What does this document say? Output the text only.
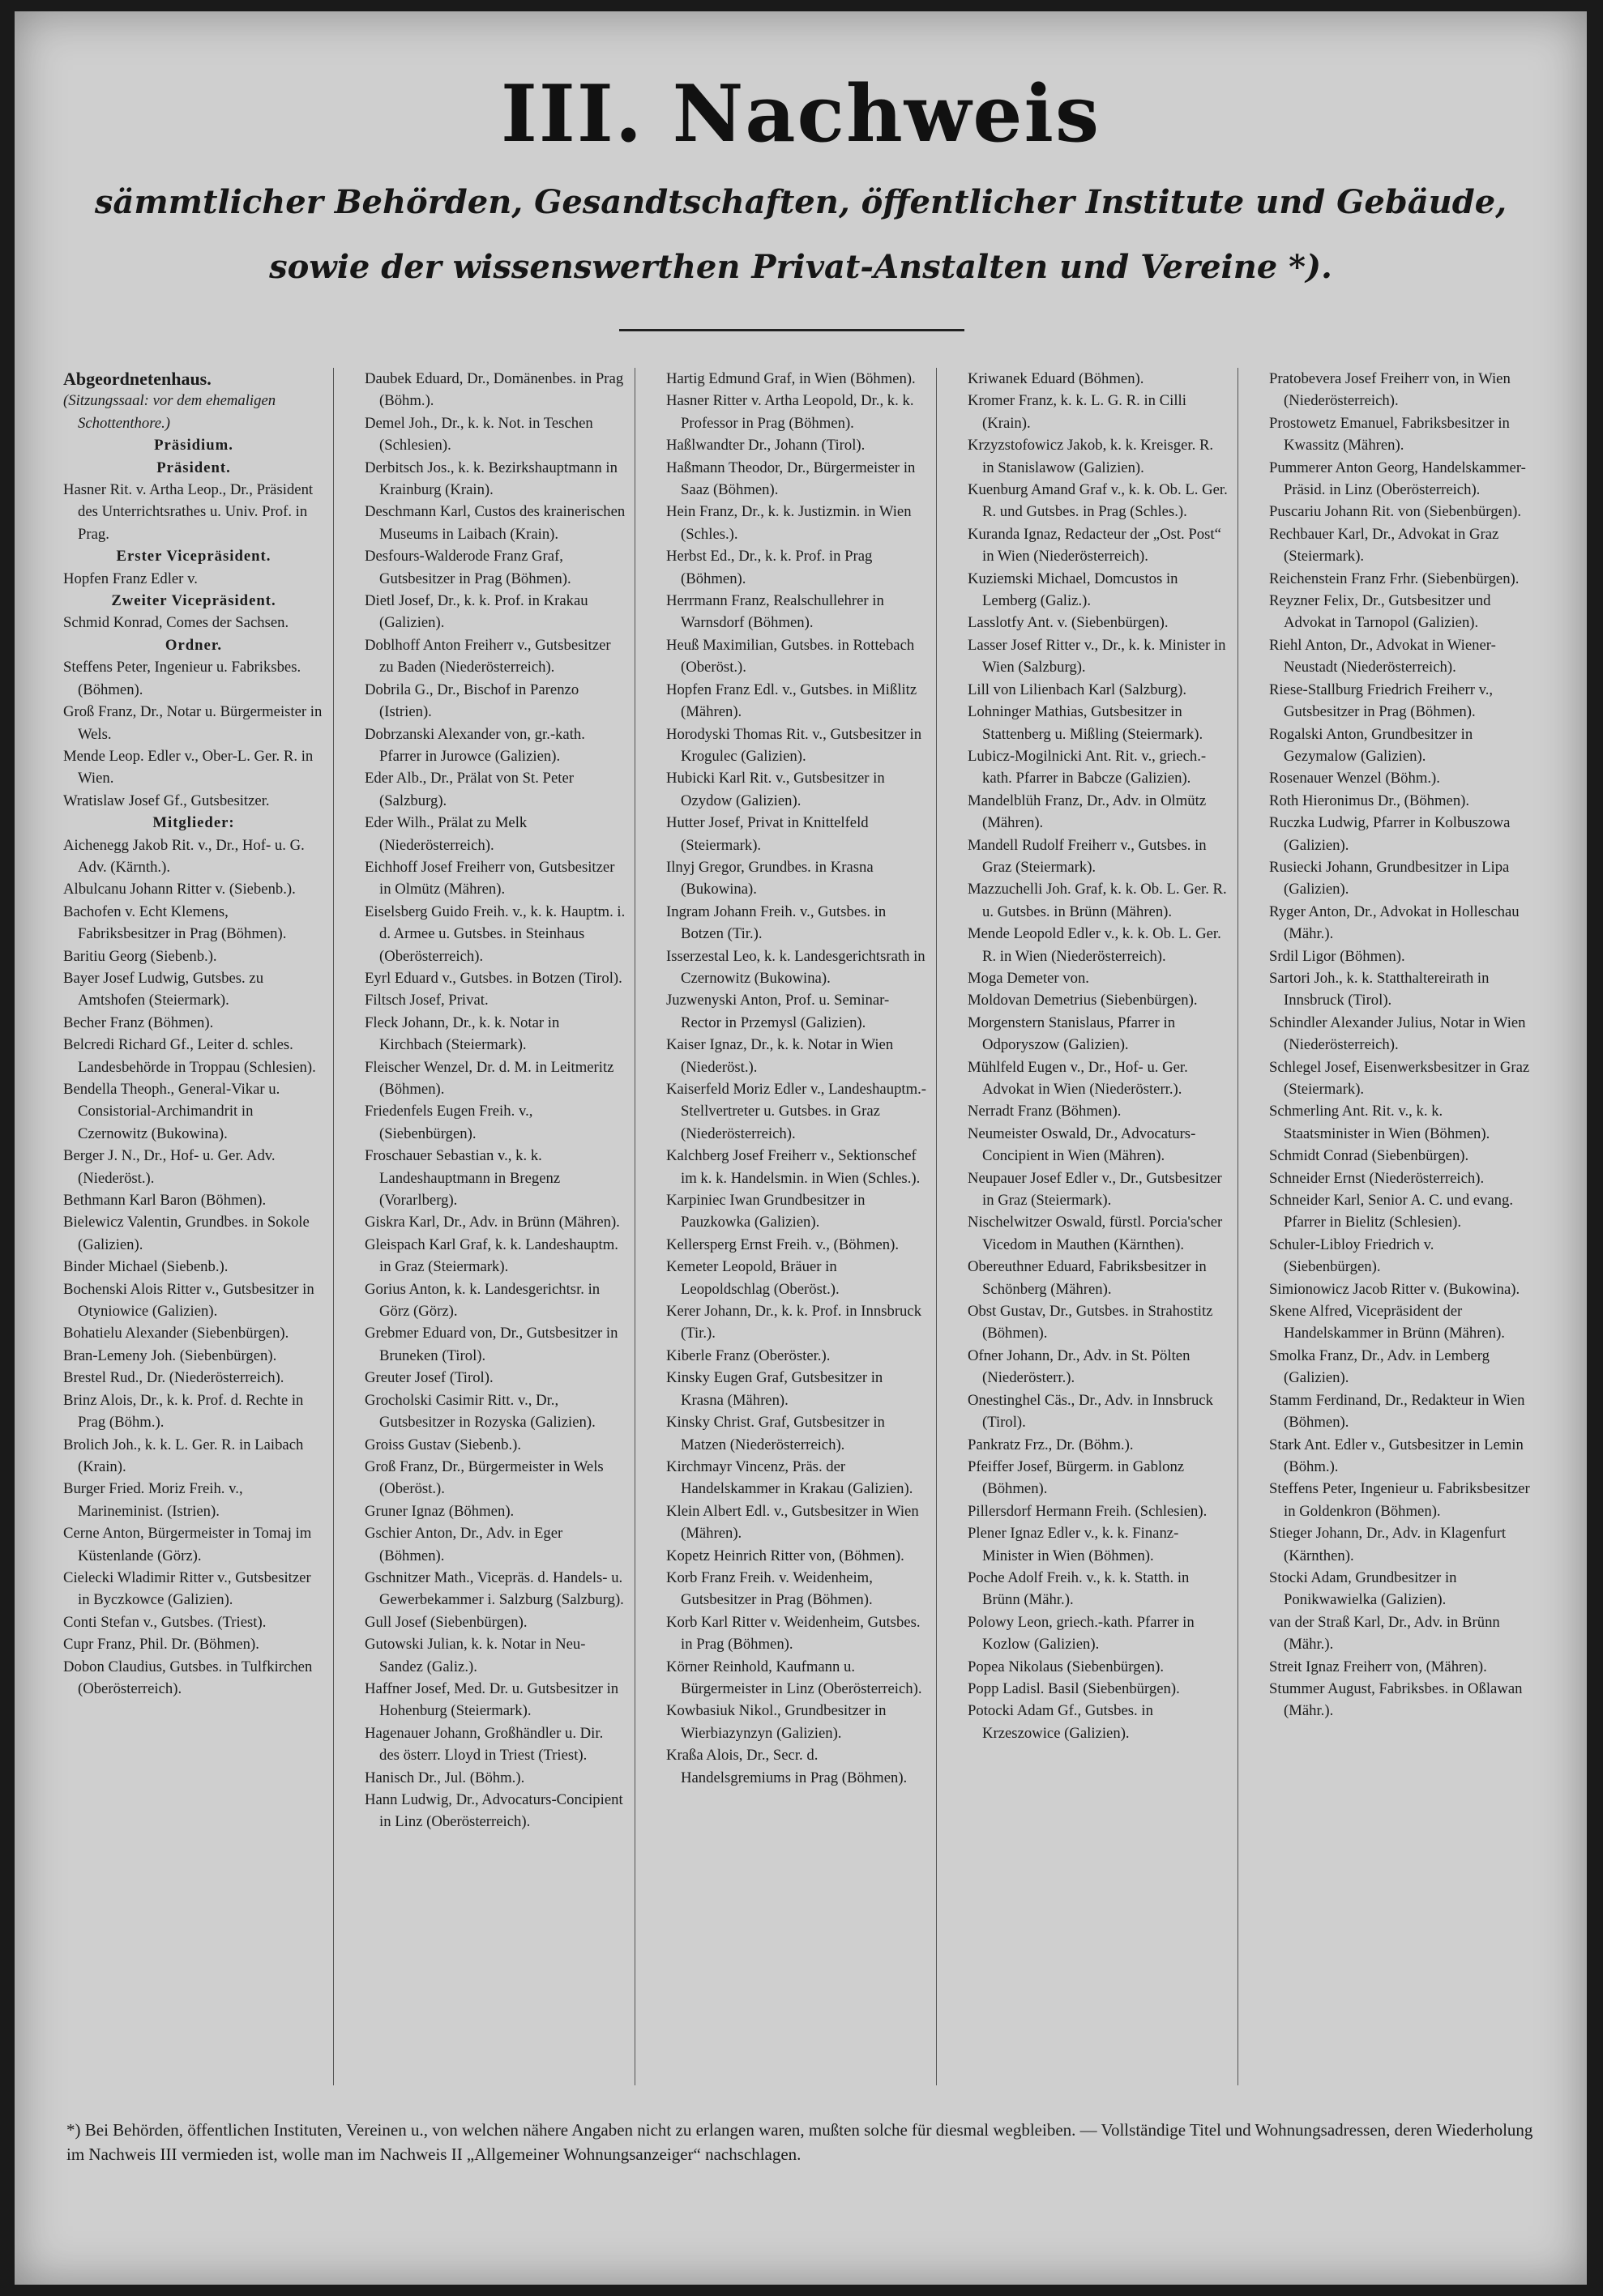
III. Nachweis
sämmtlicher Behörden, Gesandtschaften, öffentlicher Institute und Gebäude,
sowie der wissenswerthen Privat-Anstalten und Vereine *).

Abgeordnetenhaus.

(Sitzungssaal: vor dem ehemaligen Schottenthore.)

Präsidium.

Präsident.

Hasner Rit. v. Artha Leop., Dr., Präsident des Unterrichtsrathes u. Univ. Prof. in Prag.

Erster Vicepräsident.

Hopfen Franz Edler v.

Zweiter Vicepräsident.

Schmid Konrad, Comes der Sachsen.

Ordner.

Steffens Peter, Ingenieur u. Fabriksbes. (Böhmen).

Groß Franz, Dr., Notar u. Bürgermeister in Wels.

Mende Leop. Edler v., Ober-L. Ger. R. in Wien.

Wratislaw Josef Gf., Gutsbesitzer.

Mitglieder:

Aichenegg Jakob Rit. v., Dr., Hof- u. G. Adv. (Kärnth.).

Albulcanu Johann Ritter v. (Siebenb.).

Bachofen v. Echt Klemens, Fabriksbesitzer in Prag (Böhmen).

Baritiu Georg (Siebenb.).

Bayer Josef Ludwig, Gutsbes. zu Amtshofen (Steiermark).

Becher Franz (Böhmen).

Belcredi Richard Gf., Leiter d. schles. Landesbehörde in Troppau (Schlesien).

Bendella Theoph., General-Vikar u. Consistorial-Archimandrit in Czernowitz (Bukowina).

Berger J. N., Dr., Hof- u. Ger. Adv. (Niederöst.).

Bethmann Karl Baron (Böhmen).

Bielewicz Valentin, Grundbes. in Sokole (Galizien).

Binder Michael (Siebenb.).

Bochenski Alois Ritter v., Gutsbesitzer in Otyniowice (Galizien).

Bohatielu Alexander (Siebenbürgen).

Bran-Lemeny Joh. (Siebenbürgen).

Brestel Rud., Dr. (Niederösterreich).

Brinz Alois, Dr., k. k. Prof. d. Rechte in Prag (Böhm.).

Brolich Joh., k. k. L. Ger. R. in Laibach (Krain).

Burger Fried. Moriz Freih. v., Marineminist. (Istrien).

Cerne Anton, Bürgermeister in Tomaj im Küstenlande (Görz).

Cielecki Wladimir Ritter v., Gutsbesitzer in Byczkowce (Galizien).

Conti Stefan v., Gutsbes. (Triest).

Cupr Franz, Phil. Dr. (Böhmen).

Dobon Claudius, Gutsbes. in Tulfkirchen (Oberösterreich).

Daubek Eduard, Dr., Domänenbes. in Prag (Böhm.).

Demel Joh., Dr., k. k. Not. in Teschen (Schlesien).

Derbitsch Jos., k. k. Bezirkshauptmann in Krainburg (Krain).

Deschmann Karl, Custos des krainerischen Museums in Laibach (Krain).

Desfours-Walderode Franz Graf, Gutsbesitzer in Prag (Böhmen).

Dietl Josef, Dr., k. k. Prof. in Krakau (Galizien).

Doblhoff Anton Freiherr v., Gutsbesitzer zu Baden (Niederösterreich).

Dobrila G., Dr., Bischof in Parenzo (Istrien).

Dobrzanski Alexander von, gr.-kath. Pfarrer in Jurowce (Galizien).

Eder Alb., Dr., Prälat von St. Peter (Salzburg).

Eder Wilh., Prälat zu Melk (Niederösterreich).

Eichhoff Josef Freiherr von, Gutsbesitzer in Olmütz (Mähren).

Eiselsberg Guido Freih. v., k. k. Hauptm. i. d. Armee u. Gutsbes. in Steinhaus (Oberösterreich).

Eyrl Eduard v., Gutsbes. in Botzen (Tirol).

Filtsch Josef, Privat.

Fleck Johann, Dr., k. k. Notar in Kirchbach (Steiermark).

Fleischer Wenzel, Dr. d. M. in Leitmeritz (Böhmen).

Friedenfels Eugen Freih. v., (Siebenbürgen).

Froschauer Sebastian v., k. k. Landeshauptmann in Bregenz (Vorarlberg).

Giskra Karl, Dr., Adv. in Brünn (Mähren).

Gleispach Karl Graf, k. k. Landeshauptm. in Graz (Steiermark).

Gorius Anton, k. k. Landesgerichtsr. in Görz (Görz).

Grebmer Eduard von, Dr., Gutsbesitzer in Bruneken (Tirol).

Greuter Josef (Tirol).

Grocholski Casimir Ritt. v., Dr., Gutsbesitzer in Rozyska (Galizien).

Groiss Gustav (Siebenb.).

Groß Franz, Dr., Bürgermeister in Wels (Oberöst.).

Gruner Ignaz (Böhmen).

Gschier Anton, Dr., Adv. in Eger (Böhmen).

Gschnitzer Math., Vicepräs. d. Handels- u. Gewerbekammer i. Salzburg (Salzburg).

Gull Josef (Siebenbürgen).

Gutowski Julian, k. k. Notar in Neu-Sandez (Galiz.).

Haffner Josef, Med. Dr. u. Gutsbesitzer in Hohenburg (Steiermark).

Hagenauer Johann, Großhändler u. Dir. des österr. Lloyd in Triest (Triest).

Hanisch Dr., Jul. (Böhm.).

Hann Ludwig, Dr., Advocaturs-Concipient in Linz (Oberösterreich).

Hartig Edmund Graf, in Wien (Böhmen).

Hasner Ritter v. Artha Leopold, Dr., k. k. Professor in Prag (Böhmen).

Haßlwandter Dr., Johann (Tirol).

Haßmann Theodor, Dr., Bürgermeister in Saaz (Böhmen).

Hein Franz, Dr., k. k. Justizmin. in Wien (Schles.).

Herbst Ed., Dr., k. k. Prof. in Prag (Böhmen).

Herrmann Franz, Realschullehrer in Warnsdorf (Böhmen).

Heuß Maximilian, Gutsbes. in Rottebach (Oberöst.).

Hopfen Franz Edl. v., Gutsbes. in Mißlitz (Mähren).

Horodyski Thomas Rit. v., Gutsbesitzer in Krogulec (Galizien).

Hubicki Karl Rit. v., Gutsbesitzer in Ozydow (Galizien).

Hutter Josef, Privat in Knittelfeld (Steiermark).

Ilnyj Gregor, Grundbes. in Krasna (Bukowina).

Ingram Johann Freih. v., Gutsbes. in Botzen (Tir.).

Isserzestal Leo, k. k. Landesgerichtsrath in Czernowitz (Bukowina).

Juzwenyski Anton, Prof. u. Seminar-Rector in Przemysl (Galizien).

Kaiser Ignaz, Dr., k. k. Notar in Wien (Niederöst.).

Kaiserfeld Moriz Edler v., Landeshauptm.-Stellvertreter u. Gutsbes. in Graz (Niederösterreich).

Kalchberg Josef Freiherr v., Sektionschef im k. k. Handelsmin. in Wien (Schles.).

Karpiniec Iwan Grundbesitzer in Pauzkowka (Galizien).

Kellersperg Ernst Freih. v., (Böhmen).

Kemeter Leopold, Bräuer in Leopoldschlag (Oberöst.).

Kerer Johann, Dr., k. k. Prof. in Innsbruck (Tir.).

Kiberle Franz (Oberöster.).

Kinsky Eugen Graf, Gutsbesitzer in Krasna (Mähren).

Kinsky Christ. Graf, Gutsbesitzer in Matzen (Niederösterreich).

Kirchmayr Vincenz, Präs. der Handelskammer in Krakau (Galizien).

Klein Albert Edl. v., Gutsbesitzer in Wien (Mähren).

Kopetz Heinrich Ritter von, (Böhmen).

Korb Franz Freih. v. Weidenheim, Gutsbesitzer in Prag (Böhmen).

Korb Karl Ritter v. Weidenheim, Gutsbes. in Prag (Böhmen).

Körner Reinhold, Kaufmann u. Bürgermeister in Linz (Oberösterreich).

Kowbasiuk Nikol., Grundbesitzer in Wierbiazynzyn (Galizien).

Kraßa Alois, Dr., Secr. d. Handelsgremiums in Prag (Böhmen).

Kriwanek Eduard (Böhmen).

Kromer Franz, k. k. L. G. R. in Cilli (Krain).

Krzyzstofowicz Jakob, k. k. Kreisger. R. in Stanislawow (Galizien).

Kuenburg Amand Graf v., k. k. Ob. L. Ger. R. und Gutsbes. in Prag (Schles.).

Kuranda Ignaz, Redacteur der „Ost. Post“ in Wien (Niederösterreich).

Kuziemski Michael, Domcustos in Lemberg (Galiz.).

Lasslotfy Ant. v. (Siebenbürgen).

Lasser Josef Ritter v., Dr., k. k. Minister in Wien (Salzburg).

Lill von Lilienbach Karl (Salzburg).

Lohninger Mathias, Gutsbesitzer in Stattenberg u. Mißling (Steiermark).

Lubicz-Mogilnicki Ant. Rit. v., griech.-kath. Pfarrer in Babcze (Galizien).

Mandelblüh Franz, Dr., Adv. in Olmütz (Mähren).

Mandell Rudolf Freiherr v., Gutsbes. in Graz (Steiermark).

Mazzuchelli Joh. Graf, k. k. Ob. L. Ger. R. u. Gutsbes. in Brünn (Mähren).

Mende Leopold Edler v., k. k. Ob. L. Ger. R. in Wien (Niederösterreich).

Moga Demeter von.

Moldovan Demetrius (Siebenbürgen).

Morgenstern Stanislaus, Pfarrer in Odporyszow (Galizien).

Mühlfeld Eugen v., Dr., Hof- u. Ger. Advokat in Wien (Niederösterr.).

Nerradt Franz (Böhmen).

Neumeister Oswald, Dr., Advocaturs-Concipient in Wien (Mähren).

Neupauer Josef Edler v., Dr., Gutsbesitzer in Graz (Steiermark).

Nischelwitzer Oswald, fürstl. Porcia'scher Vicedom in Mauthen (Kärnthen).

Obereuthner Eduard, Fabriksbesitzer in Schönberg (Mähren).

Obst Gustav, Dr., Gutsbes. in Strahostitz (Böhmen).

Ofner Johann, Dr., Adv. in St. Pölten (Niederösterr.).

Onestinghel Cäs., Dr., Adv. in Innsbruck (Tirol).

Pankratz Frz., Dr. (Böhm.).

Pfeiffer Josef, Bürgerm. in Gablonz (Böhmen).

Pillersdorf Hermann Freih. (Schlesien).

Plener Ignaz Edler v., k. k. Finanz-Minister in Wien (Böhmen).

Poche Adolf Freih. v., k. k. Statth. in Brünn (Mähr.).

Polowy Leon, griech.-kath. Pfarrer in Kozlow (Galizien).

Popea Nikolaus (Siebenbürgen).

Popp Ladisl. Basil (Siebenbürgen).

Potocki Adam Gf., Gutsbes. in Krzeszowice (Galizien).

Pratobevera Josef Freiherr von, in Wien (Niederösterreich).

Prostowetz Emanuel, Fabriksbesitzer in Kwassitz (Mähren).

Pummerer Anton Georg, Handelskammer-Präsid. in Linz (Oberösterreich).

Puscariu Johann Rit. von (Siebenbürgen).

Rechbauer Karl, Dr., Advokat in Graz (Steiermark).

Reichenstein Franz Frhr. (Siebenbürgen).

Reyzner Felix, Dr., Gutsbesitzer und Advokat in Tarnopol (Galizien).

Riehl Anton, Dr., Advokat in Wiener-Neustadt (Niederösterreich).

Riese-Stallburg Friedrich Freiherr v., Gutsbesitzer in Prag (Böhmen).

Rogalski Anton, Grundbesitzer in Gezymalow (Galizien).

Rosenauer Wenzel (Böhm.).

Roth Hieronimus Dr., (Böhmen).

Ruczka Ludwig, Pfarrer in Kolbuszowa (Galizien).

Rusiecki Johann, Grundbesitzer in Lipa (Galizien).

Ryger Anton, Dr., Advokat in Holleschau (Mähr.).

Srdil Ligor (Böhmen).

Sartori Joh., k. k. Statthaltereirath in Innsbruck (Tirol).

Schindler Alexander Julius, Notar in Wien (Niederösterreich).

Schlegel Josef, Eisenwerksbesitzer in Graz (Steiermark).

Schmerling Ant. Rit. v., k. k. Staatsminister in Wien (Böhmen).

Schmidt Conrad (Siebenbürgen).

Schneider Ernst (Niederösterreich).

Schneider Karl, Senior A. C. und evang. Pfarrer in Bielitz (Schlesien).

Schuler-Libloy Friedrich v. (Siebenbürgen).

Simionowicz Jacob Ritter v. (Bukowina).

Skene Alfred, Vicepräsident der Handelskammer in Brünn (Mähren).

Smolka Franz, Dr., Adv. in Lemberg (Galizien).

Stamm Ferdinand, Dr., Redakteur in Wien (Böhmen).

Stark Ant. Edler v., Gutsbesitzer in Lemin (Böhm.).

Steffens Peter, Ingenieur u. Fabriksbesitzer in Goldenkron (Böhmen).

Stieger Johann, Dr., Adv. in Klagenfurt (Kärnthen).

Stocki Adam, Grundbesitzer in Ponikwawielka (Galizien).

van der Straß Karl, Dr., Adv. in Brünn (Mähr.).

Streit Ignaz Freiherr von, (Mähren).

Stummer August, Fabriksbes. in Oßlawan (Mähr.).

*) Bei Behörden, öffentlichen Instituten, Vereinen u., von welchen nähere Angaben nicht zu erlangen waren, mußten solche für diesmal wegbleiben. — Vollständige Titel und Wohnungsadressen, deren Wiederholung im Nachweis III vermieden ist, wolle man im Nachweis II „Allgemeiner Wohnungsanzeiger“ nachschlagen.
